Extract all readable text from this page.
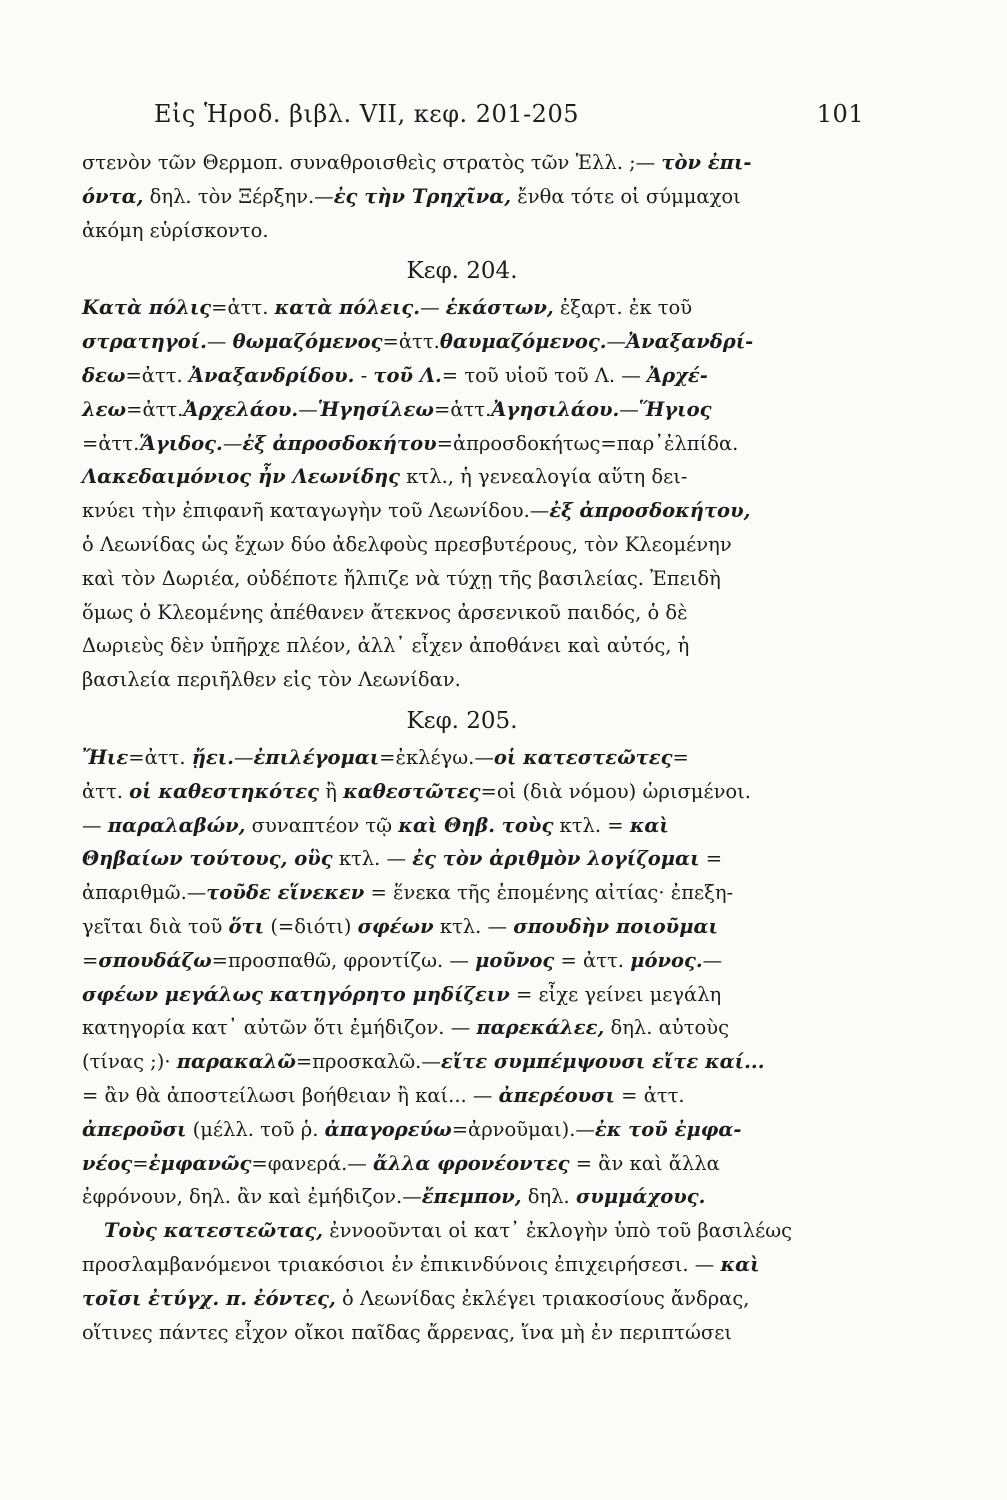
Εἰς Ἡροδ. βιβλ. VII, κεφ. 201-205	101

στενὸν τῶν Θερμοπ. συναθροισθεὶς στρατὸς τῶν Ἑλλ. ;— τὸν ἐπι-

όντα, δηλ. τὸν Ξέρξην.—ἐς τὴν Τρηχῖνα, ἔνθα τότε οἱ σύμμαχοι

ἀκόμη εὑρίσκοντο.

Κεφ. 204.

Κατὰ πόλις=ἀττ. κατὰ πόλεις.— ἑκάστων, ἐξαρτ. ἐκ τοῦ

στρατηγοί.— θωμαζόμενος=ἀττ.θαυμαζόμενος.—Ἀναξανδρί-

δεω=ἀττ. Ἀναξανδρίδου. - τοῦ Λ.= τοῦ υἱοῦ τοῦ Λ. — Ἀρχέ-

λεω=ἀττ.Ἀρχελάου.—Ἡγησίλεω=ἀττ.Ἀγησιλάου.—Ἥγιος

=ἀττ.Ἅγιδος.—ἐξ ἀπροσδοκήτου=ἀπροσδοκήτως=παρ᾽ἐλπίδα.

Λακεδαιμόνιος ἦν Λεωνίδης κτλ., ἡ γενεαλογία αὕτη δει-

κνύει τὴν ἐπιφανῆ καταγωγὴν τοῦ Λεωνίδου.—ἐξ ἀπροσδοκήτου,

ὁ Λεωνίδας ὡς ἔχων δύο ἀδελφοὺς πρεσβυτέρους, τὸν Κλεομένην

καὶ τὸν Δωριέα, οὐδέποτε ἤλπιζε νὰ τύχῃ τῆς βασιλείας. Ἐπειδὴ

ὅμως ὁ Κλεομένης ἀπέθανεν ἄτεκνος ἀρσενικοῦ παιδός, ὁ δὲ

Δωριεὺς δὲν ὑπῆρχε πλέον, ἀλλ᾽ εἶχεν ἀποθάνει καὶ αὐτός, ἡ

βασιλεία περιῆλθεν εἰς τὸν Λεωνίδαν.

Κεφ. 205.

Ἤιε=ἀττ. ᾔει.—ἐπιλέγομαι=ἐκλέγω.—οἱ κατεστεῶτες=

ἀττ. οἱ καθεστηκότες ἢ καθεστῶτες=οἱ (διὰ νόμου) ὡρισμένοι.

— παραλαβών, συναπτέον τῷ καὶ Θηβ. τοὺς κτλ. = καὶ

Θηβαίων τούτους, οὓς κτλ. — ἐς τὸν ἀριθμὸν λογίζομαι =

ἀπαριθμῶ.—τοῦδε εἵνεκεν = ἕνεκα τῆς ἑπομένης αἰτίας· ἐπεξη-

γεῖται διὰ τοῦ ὅτι (=διότι) σφέων κτλ. — σπουδὴν ποιοῦμαι

=σπουδάζω=προσπαθῶ, φροντίζω. — μοῦνος = ἀττ. μόνος.—

σφέων μεγάλως κατηγόρητο μηδίζειν = εἶχε γείνει μεγάλη

κατηγορία κατ᾽ αὐτῶν ὅτι ἐμήδιζον. — παρεκάλεε, δηλ. αὐτοὺς

(τίνας ;)· παρακαλῶ=προσκαλῶ.—εἴτε συμπέμψουσι εἴτε καί...

= ἂν θὰ ἀποστείλωσι βοήθειαν ἢ καί... — ἀπερέουσι = ἀττ.

ἀπεροῦσι (μέλλ. τοῦ ῥ. ἀπαγορεύω=ἀρνοῦμαι).—ἐκ τοῦ ἐμφα-

νέος=ἐμφανῶς=φανερά.— ἄλλα φρονέοντες = ἂν καὶ ἄλλα

ἐφρόνουν, δηλ. ἂν καὶ ἐμήδιζον.—ἔπεμπον, δηλ. συμμάχους.

Τοὺς κατεστεῶτας, ἐννοοῦνται οἱ κατ᾽ ἐκλογὴν ὑπὸ τοῦ βασιλέως

προσλαμβανόμενοι τριακόσιοι ἐν ἐπικινδύνοις ἐπιχειρήσεσι. — καὶ

τοῖσι ἐτύγχ. π. ἐόντες, ὁ Λεωνίδας ἐκλέγει τριακοσίους ἄνδρας,

οἵτινες πάντες εἶχον οἴκοι παῖδας ἄρρενας, ἵνα μὴ ἐν περιπτώσει
